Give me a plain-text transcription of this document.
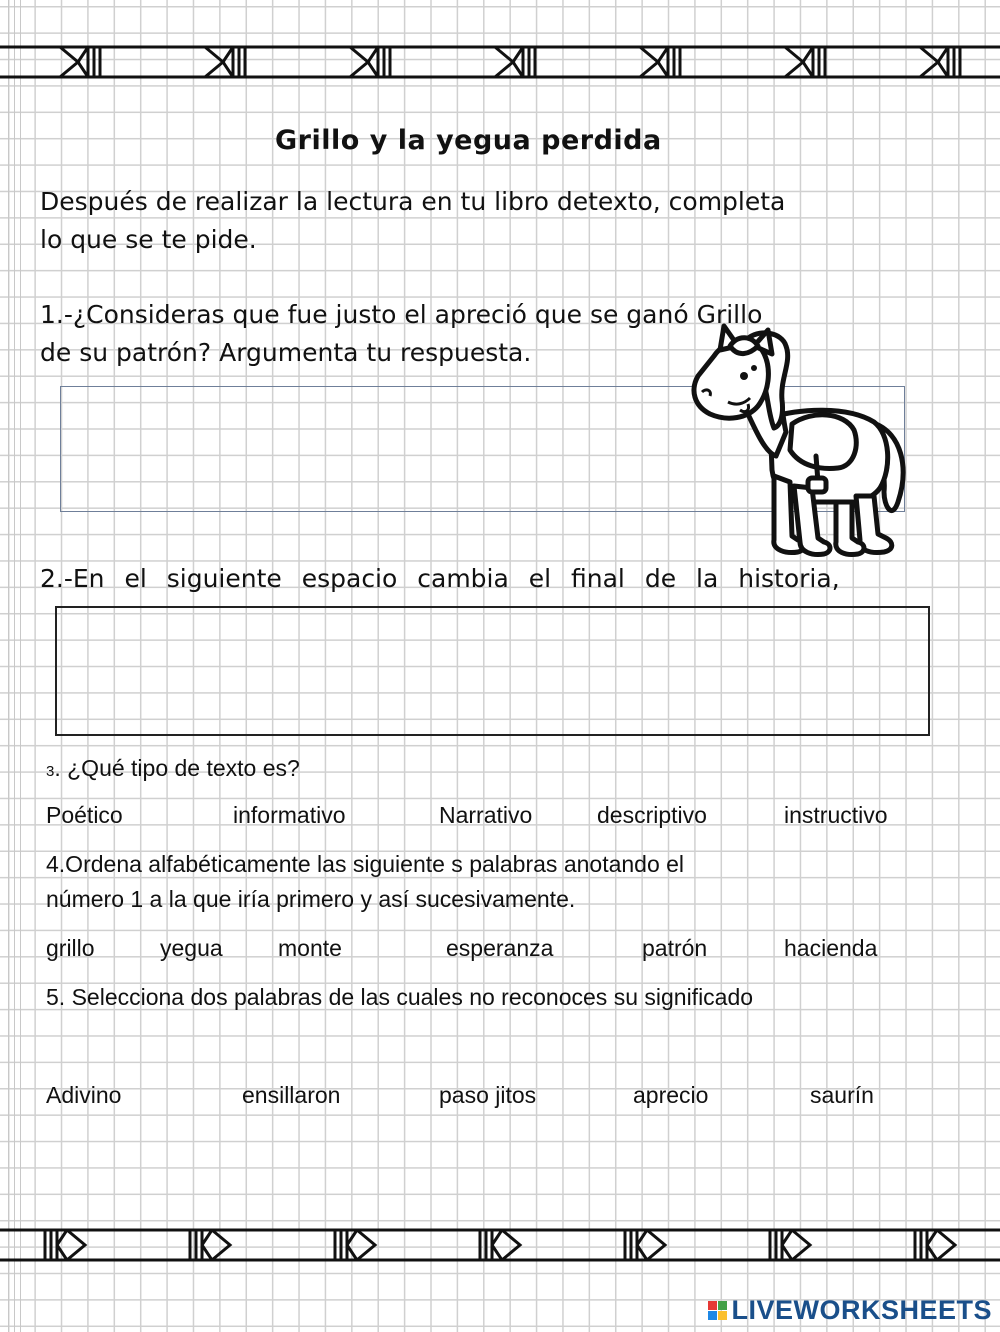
Grillo y la yegua perdida
Después de realizar la lectura en tu libro detexto, completa
lo que se te pide.
1.-¿Consideras que fue justo el apreció que se ganó Grillo
de su patrón? Argumenta tu respuesta.
2.-En el siguiente espacio cambia el final de la historia,
3. ¿Qué tipo de texto es?
Poético	informativo	Narrativo	descriptivo	instructivo
4.Ordena alfabéticamente las siguiente s palabras anotando el
número 1 a la que iría primero y así sucesivamente.
grillo	yegua monte	esperanza	patrón	hacienda
5. Selecciona dos palabras de las cuales no reconoces su significado
Adivino	ensillaron	paso jitos	aprecio	saurín
LIVEWORKSHEETS
